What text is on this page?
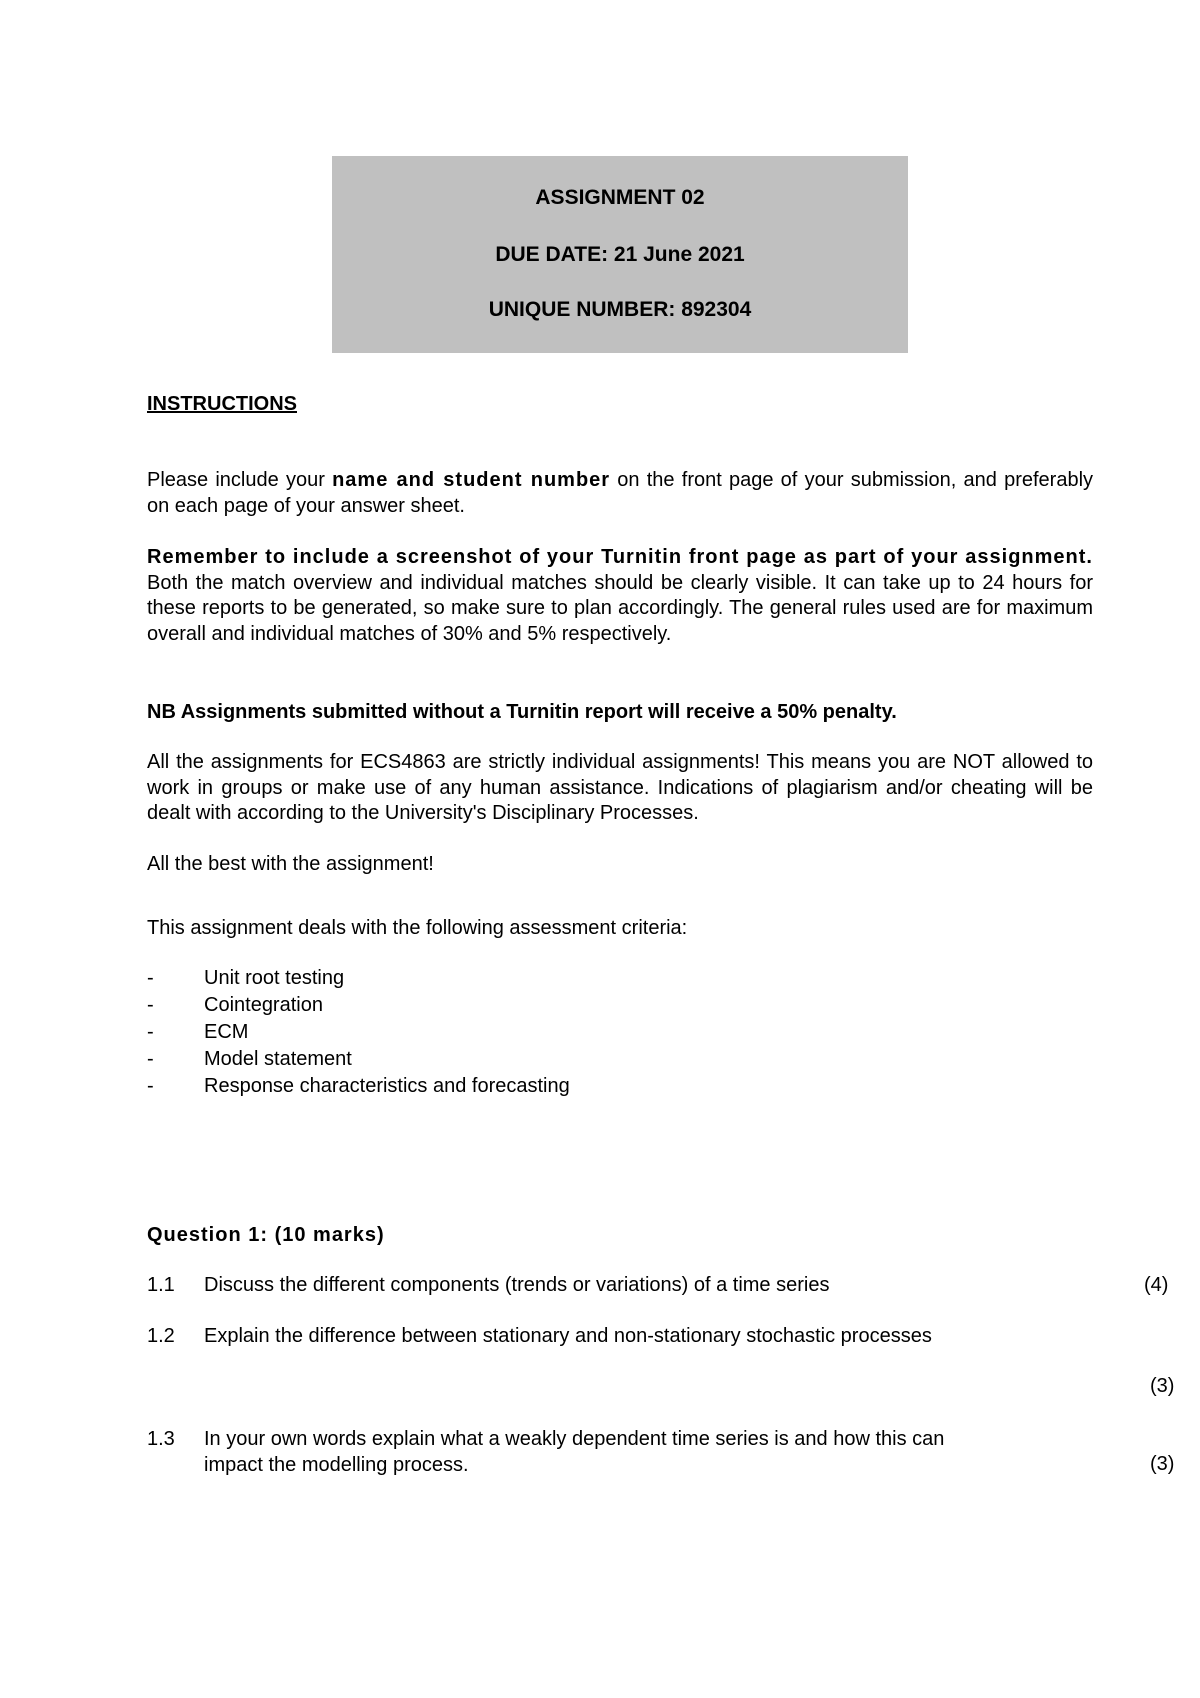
ASSIGNMENT 02
DUE DATE: 21 June 2021
UNIQUE NUMBER: 892304
INSTRUCTIONS
Please include your name and student number on the front page of your submission, and preferably on each page of your answer sheet.
Remember to include a screenshot of your Turnitin front page as part of your assignment. Both the match overview and individual matches should be clearly visible. It can take up to 24 hours for these reports to be generated, so make sure to plan accordingly. The general rules used are for maximum overall and individual matches of 30% and 5% respectively.
NB Assignments submitted without a Turnitin report will receive a 50% penalty.
All the assignments for ECS4863 are strictly individual assignments! This means you are NOT allowed to work in groups or make use of any human assistance. Indications of plagiarism and/or cheating will be dealt with according to the University's Disciplinary Processes.
All the best with the assignment!
This assignment deals with the following assessment criteria:
-	Unit root testing
-	Cointegration
-	ECM
-	Model statement
-	Response characteristics and forecasting
Question 1: (10 marks)
1.1 Discuss the different components (trends or variations) of a time series	(4)
1.2 Explain the difference between stationary and non-stationary stochastic processes
(3)
1.3 In your own words explain what a weakly dependent time series is and how this can impact the modelling process.	(3)
